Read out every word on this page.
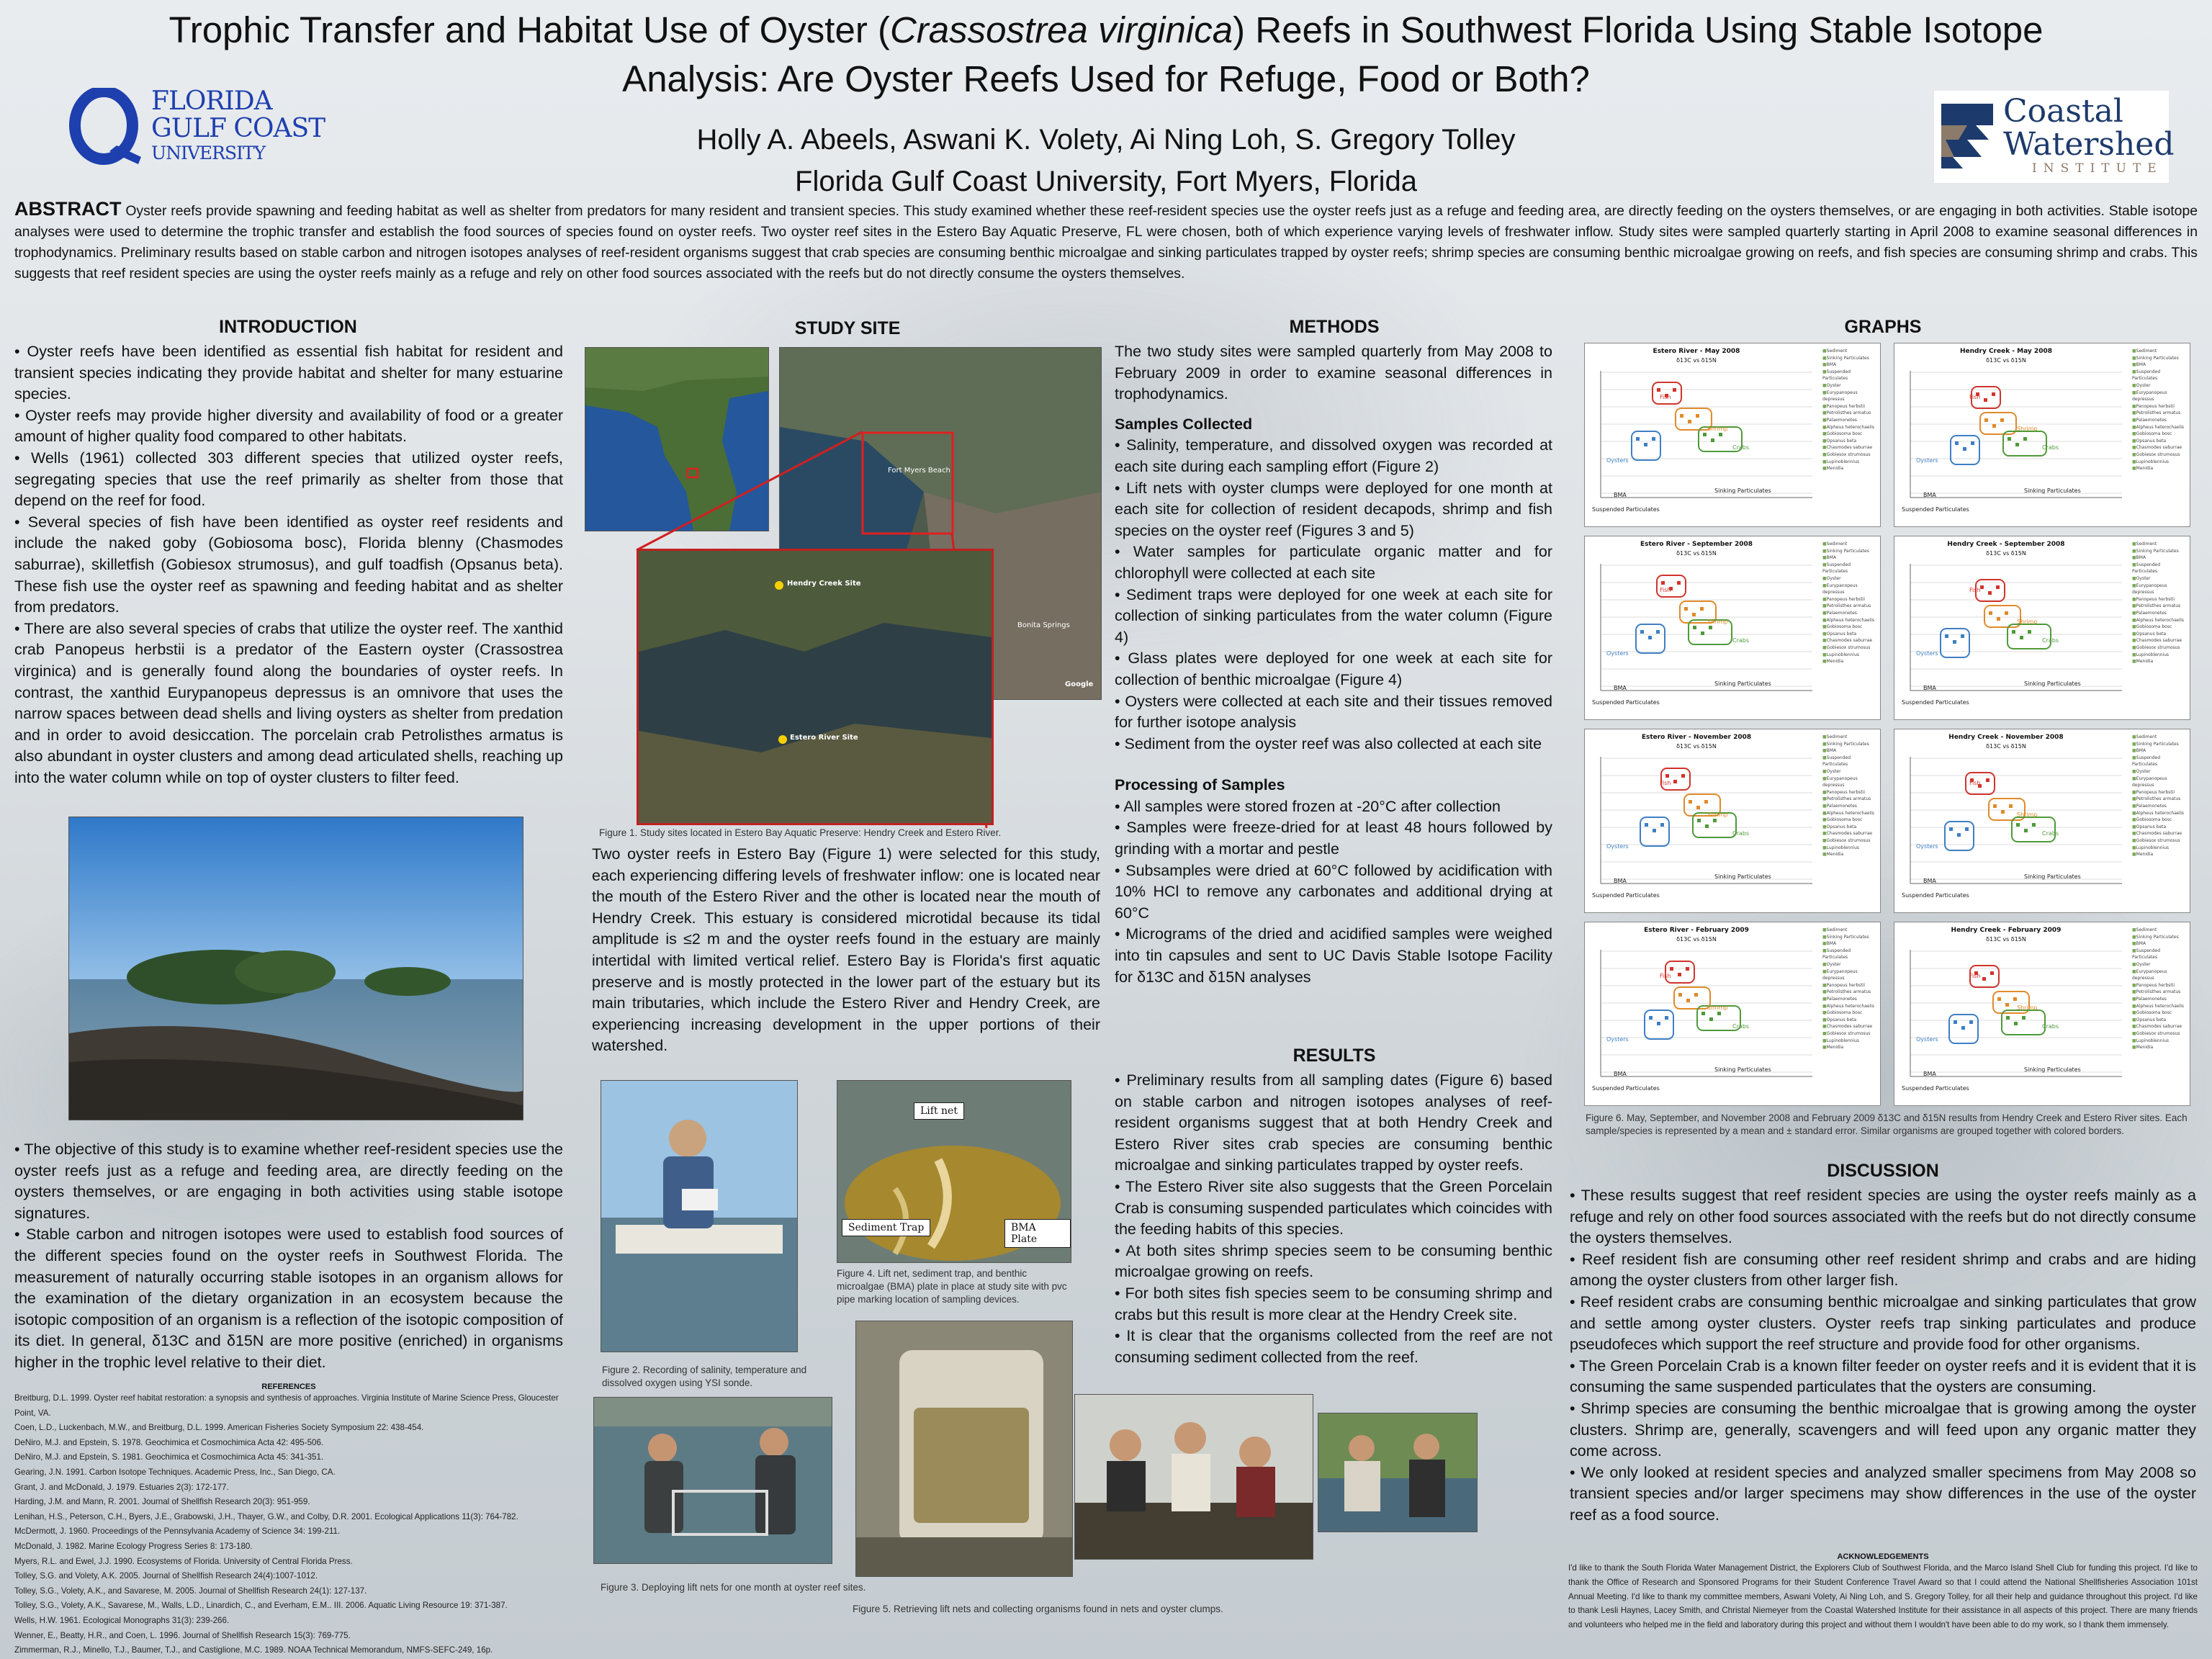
Trophic Transfer and Habitat Use of Oyster (Crassostrea virginica) Reefs in Southwest Florida Using Stable Isotope
Analysis: Are Oyster Reefs Used for Refuge, Food or Both?
Holly A. Abeels, Aswani K. Volety, Ai Ning Loh, S. Gregory Tolley
Florida Gulf Coast University, Fort Myers, Florida
FLORIDA
GULF COAST
UNIVERSITY
Coastal
Watershed
INSTITUTE
ABSTRACT Oyster reefs provide spawning and feeding habitat as well as shelter from predators for many resident and transient species. This study examined whether these reef-resident species use the oyster reefs just as a refuge and feeding area, are directly feeding on the oysters themselves, or are engaging in both activities. Stable isotope analyses were used to determine the trophic transfer and establish the food sources of species found on oyster reefs. Two oyster reef sites in the Estero Bay Aquatic Preserve, FL were chosen, both of which experience varying levels of freshwater inflow. Study sites were sampled quarterly starting in April 2008 to examine seasonal differences in trophodynamics. Preliminary results based on stable carbon and nitrogen isotopes analyses of reef-resident organisms suggest that crab species are consuming benthic microalgae and sinking particulates trapped by oyster reefs; shrimp species are consuming benthic microalgae growing on reefs, and fish species are consuming shrimp and crabs. This suggests that reef resident species are using the oyster reefs mainly as a refuge and rely on other food sources associated with the reefs but do not directly consume the oysters themselves.
INTRODUCTION

• Oyster reefs have been identified as essential fish habitat for resident and transient species indicating they provide habitat and shelter for many estuarine species.

• Oyster reefs may provide higher diversity and availability of food or a greater amount of higher quality food compared to other habitats.

• Wells (1961) collected 303 different species that utilized oyster reefs, segregating species that use the reef primarily as shelter from those that depend on the reef for food.

• Several species of fish have been identified as oyster reef residents and include the naked goby (Gobiosoma bosc), Florida blenny (Chasmodes saburrae), skilletfish (Gobiesox strumosus), and gulf toadfish (Opsanus beta). These fish use the oyster reef as spawning and feeding habitat and as shelter from predators.

• There are also several species of crabs that utilize the oyster reef. The xanthid crab Panopeus herbstii is a predator of the Eastern oyster (Crassostrea virginica) and is generally found along the boundaries of oyster reefs. In contrast, the xanthid Eurypanopeus depressus is an omnivore that uses the narrow spaces between dead shells and living oysters as shelter from predation and in order to avoid desiccation. The porcelain crab Petrolisthes armatus is also abundant in oyster clusters and among dead articulated shells, reaching up into the water column while on top of oyster clusters to filter feed.

• The objective of this study is to examine whether reef-resident species use the oyster reefs just as a refuge and feeding area, are directly feeding on the oysters themselves, or are engaging in both activities using stable isotope signatures.

• Stable carbon and nitrogen isotopes were used to establish food sources of the different species found on the oyster reefs in Southwest Florida. The measurement of naturally occurring stable isotopes in an organism allows for the examination of the dietary organization in an ecosystem because the isotopic composition of an organism is a reflection of the isotopic composition of its diet. In general, δ13C and δ15N are more positive (enriched) in organisms higher in the trophic level relative to their diet.

REFERENCES

Breitburg, D.L. 1999. Oyster reef habitat restoration: a synopsis and synthesis of approaches. Virginia Institute of Marine Science Press, Gloucester Point, VA.

Coen, L.D., Luckenbach, M.W., and Breitburg, D.L. 1999. American Fisheries Society Symposium 22: 438-454.

DeNiro, M.J. and Epstein, S. 1978. Geochimica et Cosmochimica Acta 42: 495-506.

DeNiro, M.J. and Epstein, S. 1981. Geochimica et Cosmochimica Acta 45: 341-351.

Gearing, J.N. 1991. Carbon Isotope Techniques. Academic Press, Inc., San Diego, CA.

Grant, J. and McDonald, J. 1979. Estuaries 2(3): 172-177.

Harding, J.M. and Mann, R. 2001. Journal of Shellfish Research 20(3): 951-959.

Lenihan, H.S., Peterson, C.H., Byers, J.E., Grabowski, J.H., Thayer, G.W., and Colby, D.R. 2001. Ecological Applications 11(3): 764-782.

McDermott, J. 1960. Proceedings of the Pennsylvania Academy of Science 34: 199-211.

McDonald, J. 1982. Marine Ecology Progress Series 8: 173-180.

Myers, R.L. and Ewel, J.J. 1990. Ecosystems of Florida. University of Central Florida Press.

Tolley, S.G. and Volety, A.K. 2005. Journal of Shellfish Research 24(4):1007-1012.

Tolley, S.G., Volety, A.K., and Savarese, M. 2005. Journal of Shellfish Research 24(1): 127-137.

Tolley, S.G., Volety, A.K., Savarese, M., Walls, L.D., Linardich, C., and Everham, E.M.. III. 2006. Aquatic Living Resource 19: 371-387.

Wells, H.W. 1961. Ecological Monographs 31(3): 239-266.

Wenner, E., Beatty, H.R., and Coen, L. 1996. Journal of Shellfish Research 15(3): 769-775.

Zimmerman, R.J., Minello, T.J., Baumer, T.J., and Castiglione, M.C. 1989. NOAA Technical Memorandum, NMFS-SEFC-249, 16p.

STUDY SITE
Fort Myers Beach
Bonita Springs
Google
Hendry Creek Site
Estero River Site
Figure 1. Study sites located in Estero Bay Aquatic Preserve: Hendry Creek and Estero River.
Two oyster reefs in Estero Bay (Figure 1) were selected for this study, each experiencing differing levels of freshwater inflow: one is located near the mouth of the Estero River and the other is located near the mouth of Hendry Creek. This estuary is considered microtidal because its tidal amplitude is ≤2 m and the oyster reefs found in the estuary are mainly intertidal with limited vertical relief. Estero Bay is Florida's first aquatic preserve and is mostly protected in the lower part of the estuary but its main tributaries, which include the Estero River and Hendry Creek, are experiencing increasing development in the upper portions of their watershed.
Figure 2. Recording of salinity, temperature and dissolved oxygen using YSI sonde.
Figure 3. Deploying lift nets for one month at oyster reef sites.
Lift net
Sediment Trap	BMA Plate
Figure 4. Lift net, sediment trap, and benthic microalgae (BMA) plate in place at study site with pvc pipe marking location of sampling devices.
Figure 5. Retrieving lift nets and collecting organisms found in nets and oyster clumps.
METHODS

The two study sites were sampled quarterly from May 2008 to February 2009 in order to examine seasonal differences in trophodynamics.

Samples Collected

• Salinity, temperature, and dissolved oxygen was recorded at each site during each sampling effort (Figure 2)

• Lift nets with oyster clumps were deployed for one month at each site for collection of resident decapods, shrimp and fish species on the oyster reef (Figures 3 and 5)

• Water samples for particulate organic matter and for chlorophyll were collected at each site

• Sediment traps were deployed for one week at each site for collection of sinking particulates from the water column (Figure 4)

• Glass plates were deployed for one week at each site for collection of benthic microalgae (Figure 4)

• Oysters were collected at each site and their tissues removed for further isotope analysis

• Sediment from the oyster reef was also collected at each site

Processing of Samples

• All samples were stored frozen at -20°C after collection

• Samples were freeze-dried for at least 48 hours followed by grinding with a mortar and pestle

• Subsamples were dried at 60°C followed by acidification with 10% HCl to remove any carbonates and additional drying at 60°C

• Micrograms of the dried and acidified samples were weighed into tin capsules and sent to UC Davis Stable Isotope Facility for δ13C and δ15N analyses

RESULTS

• Preliminary results from all sampling dates (Figure 6) based on stable carbon and nitrogen isotopes analyses of reef-resident organisms suggest that at both Hendry Creek and Estero River sites crab species are consuming benthic microalgae and sinking particulates trapped by oyster reefs.

• The Estero River site also suggests that the Green Porcelain Crab is consuming suspended particulates which coincides with the feeding habits of this species.

• At both sites shrimp species seem to be consuming benthic microalgae growing on reefs.

• For both sites fish species seem to be consuming shrimp and crabs but this result is more clear at the Hendry Creek site.

• It is clear that the organisms collected from the reef are not consuming sediment collected from the reef.

GRAPHS
Estero River - May 2008
δ13C vs δ15N
Fish
Shrimp
Crabs
Oysters
BMA
Suspended Particulates
Sinking Particulates
■ Sediment
■ Sinking Particulates
■ BMA
■ Suspended Particulates
■ Oyster
■ Eurypanopeus depressus
■ Panopeus herbstii
■ Petrolisthes armatus
■ Palaemonetes
■ Alpheus heterochaelis
■ Gobiosoma bosc
■ Opsanus beta
■ Chasmodes saburrae
■ Gobiesox strumosus
■ Lupinoblennius
■ Menidia
Hendry Creek - May 2008
δ13C vs δ15N
Fish
Shrimp
Crabs
Oysters
BMA
Suspended Particulates
Sinking Particulates
■ Sediment
■ Sinking Particulates
■ BMA
■ Suspended Particulates
■ Oyster
■ Eurypanopeus depressus
■ Panopeus herbstii
■ Petrolisthes armatus
■ Palaemonetes
■ Alpheus heterochaelis
■ Gobiosoma bosc
■ Opsanus beta
■ Chasmodes saburrae
■ Gobiesox strumosus
■ Lupinoblennius
■ Menidia
Estero River - September 2008
δ13C vs δ15N
Fish
Shrimp
Crabs
Oysters
BMA
Suspended Particulates
Sinking Particulates
■ Sediment
■ Sinking Particulates
■ BMA
■ Suspended Particulates
■ Oyster
■ Eurypanopeus depressus
■ Panopeus herbstii
■ Petrolisthes armatus
■ Palaemonetes
■ Alpheus heterochaelis
■ Gobiosoma bosc
■ Opsanus beta
■ Chasmodes saburrae
■ Gobiesox strumosus
■ Lupinoblennius
■ Menidia
Hendry Creek - September 2008
δ13C vs δ15N
Fish
Shrimp
Crabs
Oysters
BMA
Suspended Particulates
Sinking Particulates
■ Sediment
■ Sinking Particulates
■ BMA
■ Suspended Particulates
■ Oyster
■ Eurypanopeus depressus
■ Panopeus herbstii
■ Petrolisthes armatus
■ Palaemonetes
■ Alpheus heterochaelis
■ Gobiosoma bosc
■ Opsanus beta
■ Chasmodes saburrae
■ Gobiesox strumosus
■ Lupinoblennius
■ Menidia
Estero River - November 2008
δ13C vs δ15N
Fish
Shrimp
Crabs
Oysters
BMA
Suspended Particulates
Sinking Particulates
■ Sediment
■ Sinking Particulates
■ BMA
■ Suspended Particulates
■ Oyster
■ Eurypanopeus depressus
■ Panopeus herbstii
■ Petrolisthes armatus
■ Palaemonetes
■ Alpheus heterochaelis
■ Gobiosoma bosc
■ Opsanus beta
■ Chasmodes saburrae
■ Gobiesox strumosus
■ Lupinoblennius
■ Menidia
Hendry Creek - November 2008
δ13C vs δ15N
Fish
Shrimp
Crabs
Oysters
BMA
Suspended Particulates
Sinking Particulates
■ Sediment
■ Sinking Particulates
■ BMA
■ Suspended Particulates
■ Oyster
■ Eurypanopeus depressus
■ Panopeus herbstii
■ Petrolisthes armatus
■ Palaemonetes
■ Alpheus heterochaelis
■ Gobiosoma bosc
■ Opsanus beta
■ Chasmodes saburrae
■ Gobiesox strumosus
■ Lupinoblennius
■ Menidia
Estero River - February 2009
δ13C vs δ15N
Fish
Shrimp
Crabs
Oysters
BMA
Suspended Particulates
Sinking Particulates
■ Sediment
■ Sinking Particulates
■ BMA
■ Suspended Particulates
■ Oyster
■ Eurypanopeus depressus
■ Panopeus herbstii
■ Petrolisthes armatus
■ Palaemonetes
■ Alpheus heterochaelis
■ Gobiosoma bosc
■ Opsanus beta
■ Chasmodes saburrae
■ Gobiesox strumosus
■ Lupinoblennius
■ Menidia
Hendry Creek - February 2009
δ13C vs δ15N
Fish
Shrimp
Crabs
Oysters
BMA
Suspended Particulates
Sinking Particulates
■ Sediment
■ Sinking Particulates
■ BMA
■ Suspended Particulates
■ Oyster
■ Eurypanopeus depressus
■ Panopeus herbstii
■ Petrolisthes armatus
■ Palaemonetes
■ Alpheus heterochaelis
■ Gobiosoma bosc
■ Opsanus beta
■ Chasmodes saburrae
■ Gobiesox strumosus
■ Lupinoblennius
■ Menidia
Figure 6. May, September, and November 2008 and February 2009 δ13C and δ15N results from Hendry Creek and Estero River sites. Each sample/species is represented by a mean and ± standard error. Similar organisms are grouped together with colored borders.
DISCUSSION

• These results suggest that reef resident species are using the oyster reefs mainly as a refuge and rely on other food sources associated with the reefs but do not directly consume the oysters themselves.

• Reef resident fish are consuming other reef resident shrimp and crabs and are hiding among the oyster clusters from other larger fish.

• Reef resident crabs are consuming benthic microalgae and sinking particulates that grow and settle among oyster clusters. Oyster reefs trap sinking particulates and produce pseudofeces which support the reef structure and provide food for other organisms.

• The Green Porcelain Crab is a known filter feeder on oyster reefs and it is evident that it is consuming the same suspended particulates that the oysters are consuming.

• Shrimp species are consuming the benthic microalgae that is growing among the oyster clusters. Shrimp are, generally, scavengers and will feed upon any organic matter they come across.

• We only looked at resident species and analyzed smaller specimens from May 2008 so transient species and/or larger specimens may show differences in the use of the oyster reef as a food source.

ACKNOWLEDGEMENTS
I'd like to thank the South Florida Water Management District, the Explorers Club of Southwest Florida, and the Marco Island Shell Club for funding this project. I'd like to thank the Office of Research and Sponsored Programs for their Student Conference Travel Award so that I could attend the National Shellfisheries Association 101st Annual Meeting. I'd like to thank my committee members, Aswani Volety, Ai Ning Loh, and S. Gregory Tolley, for all their help and guidance throughout this project. I'd like to thank Lesli Haynes, Lacey Smith, and Christal Niemeyer from the Coastal Watershed Institute for their assistance in all aspects of this project. There are many friends and volunteers who helped me in the field and laboratory during this project and without them I wouldn't have been able to do my work, so I thank them immensely.
